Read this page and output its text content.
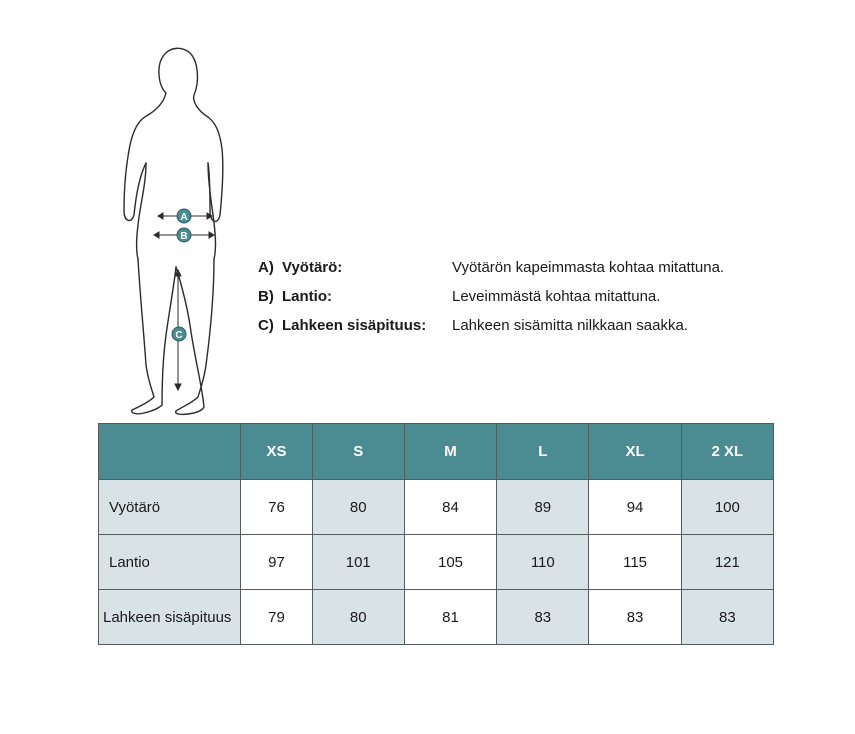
A
B
C
A) Vyötärö:	Vyötärön kapeimmasta kohtaa mitattuna.
B) Lantio:	Leveimmästä kohtaa mitattuna.
C) Lahkeen sisäpituus: Lahkeen sisämitta nilkkaan saakka.
	XS	S	M	L	XL	2 XL
Vyötärö	76	80	84	89	94	100
Lantio	97	101	105	110	115	121
Lahkeen sisäpituus	79	80	81	83	83	83
